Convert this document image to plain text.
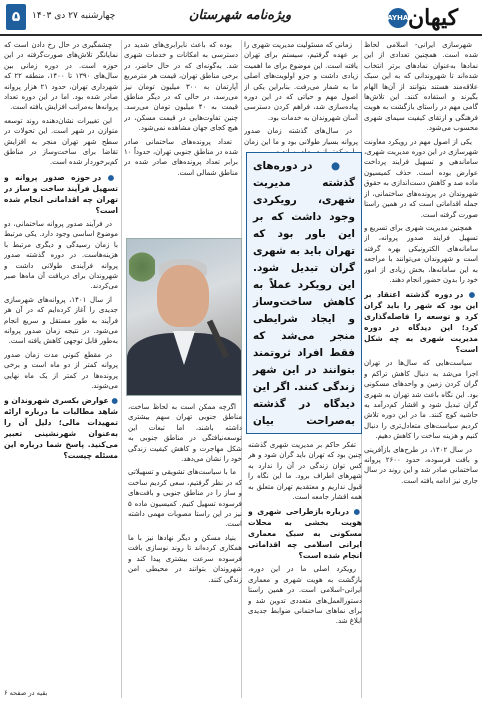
کیهان
KAYHAN
ویژه‌نامه شهرستان
چهارشنبه ۲۷ دی ۱۴۰۳
۵

شهرسازی ایرانی- اسلامی لحاظ شده است. همچنین تعدادی از این نمادها به‌عنوان نمادهای برتر انتخاب شده‌اند تا شهروندانی که به این سبک علاقه‌مند هستند بتوانند از آن‌ها الهام بگیرند و استفاده کنند. این تلاش‌ها گامی مهم در راستای بازگشت به هویت فرهنگی و ارتقای کیفیت سیمای شهری محسوب می‌شود.

یکی از اصول مهم در رویکرد معاونت شهرسازی در این دوره مدیریت شهری، ساماندهی و تسهیل فرایند پرداخت عوارض بوده است. حذف کمیسیون ماده صد و کاهش دست‌اندازی به حقوق شهروندان در پرونده‌های ساختمانی، از جمله اقداماتی است که در همین راستا صورت گرفته است.

همچنین مدیریت شهری برای تسریع و تسهیل فرایند صدور پروانه، از سامانه‌های الکترونیکی بهره گرفته است و شهروندان می‌توانند با مراجعه به این سامانه‌ها، بخش زیادی از امور خود را بدون حضور انجام دهند.

● در دوره گذشته اعتقاد بر این بود که شهر را باید گران کرد و توسعه را فاصله‌گذاری کرد؛ این دیدگاه در دوره مدیریت شهری به چه شکل است؟

سیاست‌هایی که سال‌ها در تهران اجرا می‌شد به دنبال کاهش تراکم و گران کردن زمین و واحدهای مسکونی بود. این نگاه باعث شد تهران به شهری گران تبدیل شود و اقشار کم‌درآمد به حاشیه کوچ کنند. ما در این دوره تلاش کردیم سیاست‌های متعادل‌تری را دنبال کنیم و هزینه ساخت را کاهش دهیم.

در سال ۱۴۰۲، در طرح‌های بازآفرینی و بافت فرسوده، حدود ۲۶۰۰ پروانه ساختمانی صادر شد و این روند در سال جاری نیز ادامه یافته است.

زمانی که مسئولیت مدیریت شهری را بر عهده گرفتیم، سیستم برای تهران یافته است. این موضوع برای ما اهمیت زیادی داشت و جزو اولویت‌های اصلی ما به شمار می‌رفت. بنابراین یکی از اصول مهم و حیاتی که در این دوره پیاده‌سازی شد، فراهم کردن دسترسی آسان شهروندان به خدمات بود.

در سال‌های گذشته زمان صدور پروانه بسیار طولانی بود و ما این زمان

بوده که باعث نابرابری‌های شدید در دسترسی به امکانات و خدمات شهری شد. به‌گونه‌ای که در حال حاضر، در برخی مناطق تهران، قیمت هر مترمربع آپارتمان به ۳۰۰ میلیون تومان نیز می‌رسد، در حالی که در دیگر مناطق قیمت به ۴۰ میلیون تومان می‌رسد. چنین تفاوت‌هایی در قیمت مسکن، در هیچ کجای جهان مشاهده نمی‌شود.

تعداد پرونده‌های ساختمانی صادر شده در مناطق جنوبی تهران، حدوداً ۱۰ برابر تعداد پرونده‌های صادر شده در مناطق شمالی است.

چشمگیری در حال رخ دادن است که نمایانگر تلاش‌های صورت‌گرفته در این حوزه است. در دوره زمانی بین سال‌های ۱۳۹۰ تا ۱۴۰۰، منطقه ۲۲ که شهرداری تهران، حدود ۲۱ هزار پروانه صادر شده بود. اما در این دوره تعداد پروانه‌ها به‌مراتب افزایش یافته است.

این تغییرات نشان‌دهنده روند توسعه متوازن در شهر است. این تحولات در سطح شهر تهران منجر به افزایش تقاضا برای ساخت‌وساز در مناطق کم‌برخوردار شده است.

● در حوزه صدور پروانه و تسهیل فرآیند ساخت و ساز در تهران چه اقداماتی انجام شده است؟

در فرآیند صدور پروانه ساختمانی، دو موضوع اساسی وجود دارد. یکی مرتبط با زمان رسیدگی و دیگری مرتبط با هزینه‌هاست. در دوره گذشته صدور پروانه فرآیندی طولانی داشت و شهروندان برای دریافت آن ماه‌ها صبر می‌کردند.

از سال ۱۴۰۱، پروانه‌های شهرسازی جدیدی را آغاز کرده‌ایم که در آن هر فرآیند به طور مستقل و سریع انجام می‌شود. در نتیجه زمان صدور پروانه به‌طور قابل توجهی کاهش یافته است.

در مقطع کنونی مدت زمان صدور پروانه کمتر از دو ماه است و برخی پرونده‌ها در کمتر از یک ماه نهایی می‌شوند.

● عوارض بکسری شهروندان و شاهد مطالبات ما درباره ارائه تمهیدات مالی؛ دلیل آن را به‌عنوان شهرنشینی تعبیر می‌کنید. پاسخ شما درباره این مسئله چیست؟
بقیه در صفحه ۶
● در دوره‌های گذشته مدیریت شهری، رویکردی وجود داشت که بر این باور بود که تهران باید به شهری گران تبدیل شود. این رویکرد عملاً به کاهش ساخت‌وساز و ایجاد شرایطی منجر می‌شد که فقط افراد ثروتمند بتوانند در این شهر زندگی کنند. اگر این دیدگاه در گذشته به‌صراحت بیان

تفکر حاکم بر مدیریت شهری گذشته چنین بود که تهران باید گران شود و هر کس توان زندگی در آن را ندارد به شهرهای اطراف برود. ما این نگاه را قبول نداریم و معتقدیم تهران متعلق به همه اقشار جامعه است.

● درباره بازطراحی شهری و هویت بخشی به محلات مسکونی به سبک معماری ایرانی اسلامی چه اقداماتی انجام شده است؟

رویکرد اصلی ما در این دوره، بازگشت به هویت شهری و معماری ایرانی-اسلامی است. در همین راستا دستورالعمل‌های متعددی تدوین شد و برای نماهای ساختمانی ضوابط جدیدی ابلاغ شد.

اگرچه ممکن است به لحاظ ساخت، مناطق جنوبی تهران سهم بیشتری داشته باشند، اما تبعات این توسعه‌نیافتگی در مناطق جنوبی به شکل مهاجرت و کاهش کیفیت زندگی خود را نشان می‌دهد.

ما با سیاست‌های تشویقی و تسهیلاتی که در نظر گرفتیم، سعی کردیم ساخت و ساز را در مناطق جنوبی و بافت‌های فرسوده تسهیل کنیم. کمیسیون ماده ۵ نیز در این راستا مصوبات مهمی داشته است.

بنیاد مسکن و دیگر نهادها نیز با ما همکاری کرده‌اند تا روند نوسازی بافت فرسوده سرعت بیشتری پیدا کند و شهروندان بتوانند در محیطی امن زندگی کنند.
